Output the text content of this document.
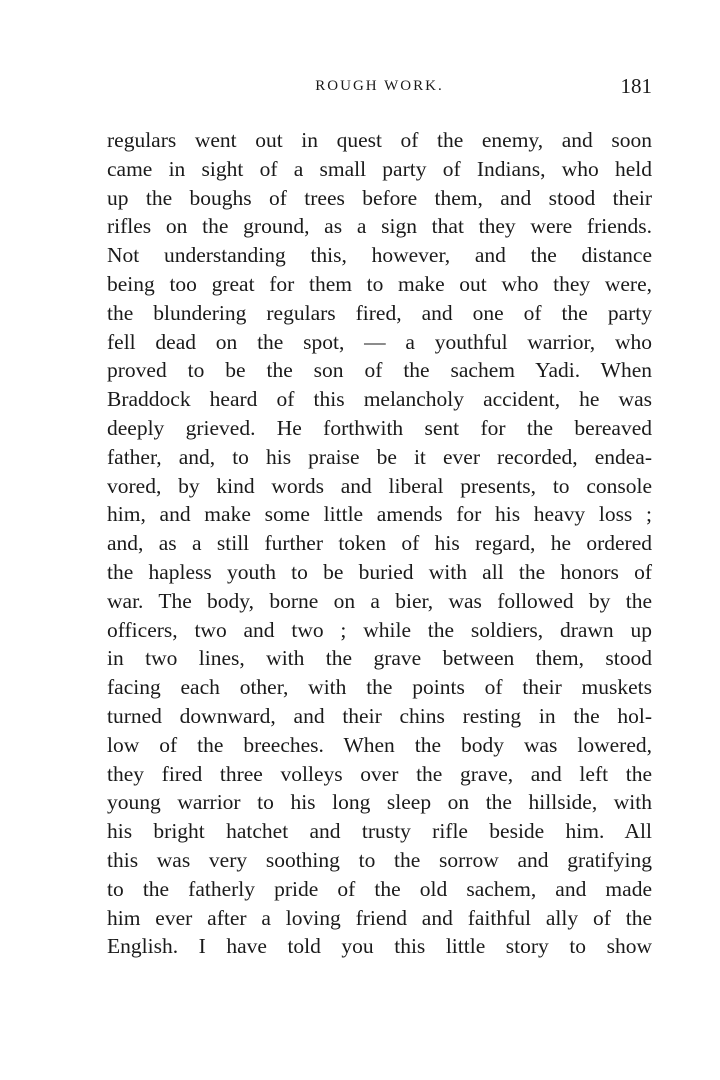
ROUGH WORK.	181
regulars went out in quest of the enemy, and soon
came in sight of a small party of Indians, who held
up the boughs of trees before them, and stood their
rifles on the ground, as a sign that they were friends.
Not understanding this, however, and the distance
being too great for them to make out who they were,
the blundering regulars fired, and one of the party
fell dead on the spot, — a youthful warrior, who
proved to be the son of the sachem Yadi. When
Braddock heard of this melancholy accident, he was
deeply grieved. He forthwith sent for the bereaved
father, and, to his praise be it ever recorded, endea-
vored, by kind words and liberal presents, to console
him, and make some little amends for his heavy loss ;
and, as a still further token of his regard, he ordered
the hapless youth to be buried with all the honors of
war. The body, borne on a bier, was followed by the
officers, two and two ; while the soldiers, drawn up
in two lines, with the grave between them, stood
facing each other, with the points of their muskets
turned downward, and their chins resting in the hol-
low of the breeches. When the body was lowered,
they fired three volleys over the grave, and left the
young warrior to his long sleep on the hillside, with
his bright hatchet and trusty rifle beside him. All
this was very soothing to the sorrow and gratifying
to the fatherly pride of the old sachem, and made
him ever after a loving friend and faithful ally of the
English. I have told you this little story to show
